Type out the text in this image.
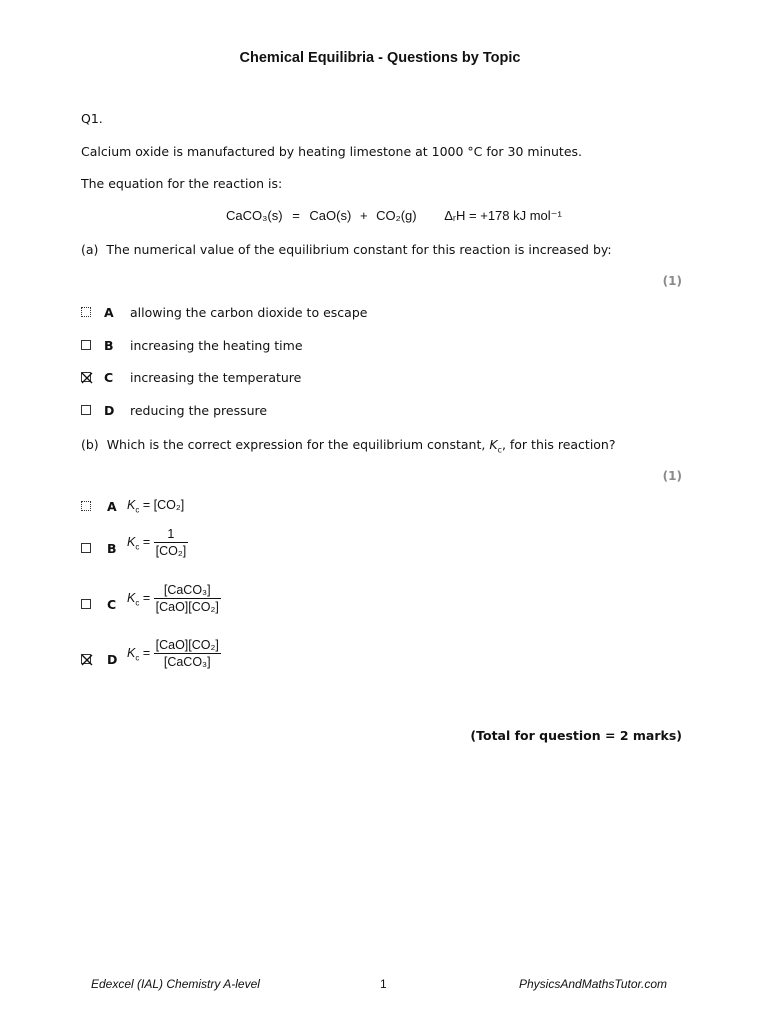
Chemical Equilibria - Questions by Topic
Q1.
Calcium oxide is manufactured by heating limestone at 1000 °C for 30 minutes.
The equation for the reaction is:
CaCO₃(s) = CaO(s) + CO₂(g) ΔᵣH = +178 kJ mol⁻¹
(a) The numerical value of the equilibrium constant for this reaction is increased by:
(1)
A allowing the carbon dioxide to escape
B increasing the heating time
C increasing the temperature
D reducing the pressure
(b) Which is the correct expression for the equilibrium constant, $K_c$, for this reaction?
(1)
A $K_c = [CO_2]$
B $K_c = \frac{1}{\text{[CO₂]}}$
C $K_c = \frac{\text{[CaCO₃]}}{\text{[CaO][CO₂]}}$
D $K_c = \frac{\text{[CaO][CO₂]}}{\text{[CaCO₃]}}$
(Total for question = 2 marks)
Edexcel (IAL) Chemistry A-level	1	PhysicsAndMathsTutor.com
